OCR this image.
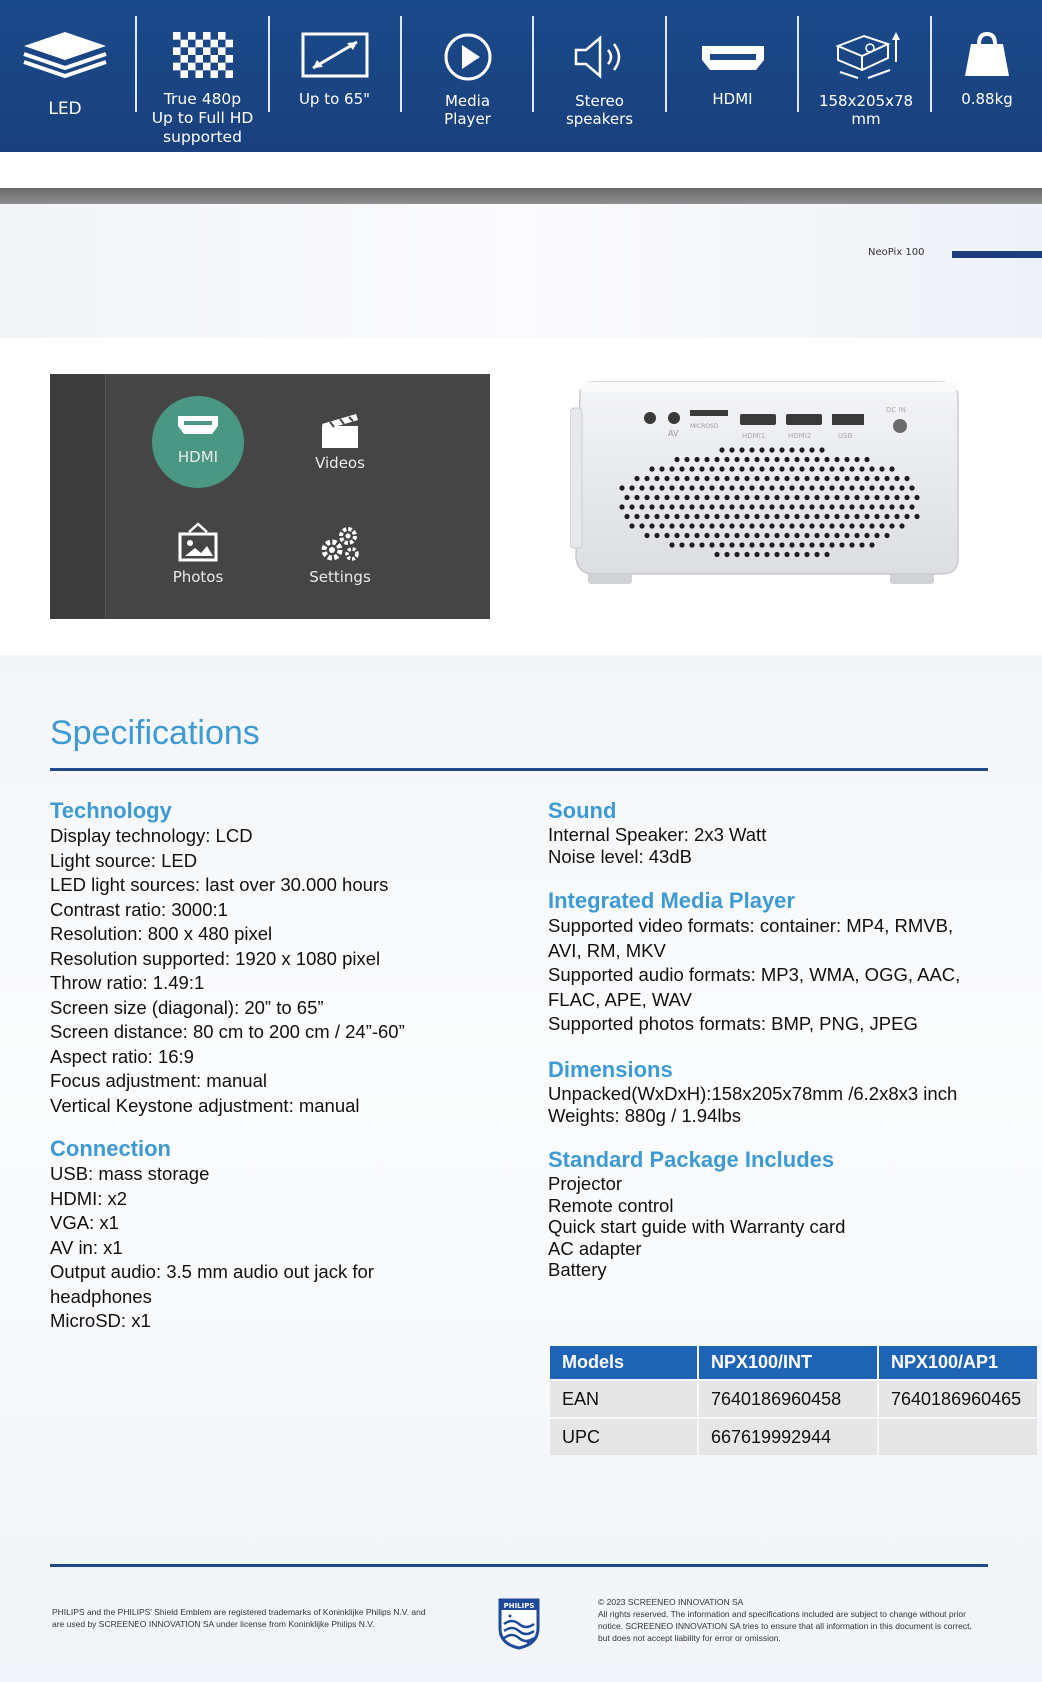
LED	True 480p
Up to Full HD
supported
Up to 65"	Media
Player
Stereo
speakers
HDMI	158x205x78
mm
0.88kg
NeoPix 100
HDMI	Videos
Photos	Settings
AV
MICROSD
HDMI1	HDMI2	USB
DC IN
Specifications
Technology
Display technology: LCD
Light source: LED
LED light sources: last over 30.000 hours
Contrast ratio: 3000:1
Resolution: 800 x 480 pixel
Resolution supported: 1920 x 1080 pixel
Throw ratio: 1.49:1
Screen size (diagonal): 20” to 65”
Screen distance: 80 cm to 200 cm / 24”-60”
Aspect ratio: 16:9
Focus adjustment: manual
Vertical Keystone adjustment: manual
Connection
USB: mass storage
HDMI: x2
VGA: x1
AV in: x1
Output audio: 3.5 mm audio out jack for
headphones
MicroSD: x1
Sound
Internal Speaker: 2x3 Watt
Noise level: 43dB
Integrated Media Player
Supported video formats: container: MP4, RMVB,
AVI, RM, MKV
Supported audio formats: MP3, WMA, OGG, AAC,
FLAC, APE, WAV
Supported photos formats: BMP, PNG, JPEG
Dimensions
Unpacked(WxDxH):158x205x78mm /6.2x8x3 inch
Weights: 880g / 1.94lbs
Standard Package Includes
Projector
Remote control
Quick start guide with Warranty card
AC adapter
Battery
Models	NPX100/INT	NPX100/AP1
EAN	7640186960458	7640186960465
UPC	667619992944	
PHILIPS and the PHILIPS' Shield Emblem are registered trademarks of Koninklijke Philips N.V. and are used by SCREENEO INNOVATION SA under license from Koninklijke Philips N.V.
PHILIPS	© 2023 SCREENEO INNOVATION SA
All rights reserved. The information and specifications included are subject to change without prior notice. SCREENEO INNOVATION SA tries to ensure that all information in this document is correct, but does not accept liability for error or omission.
